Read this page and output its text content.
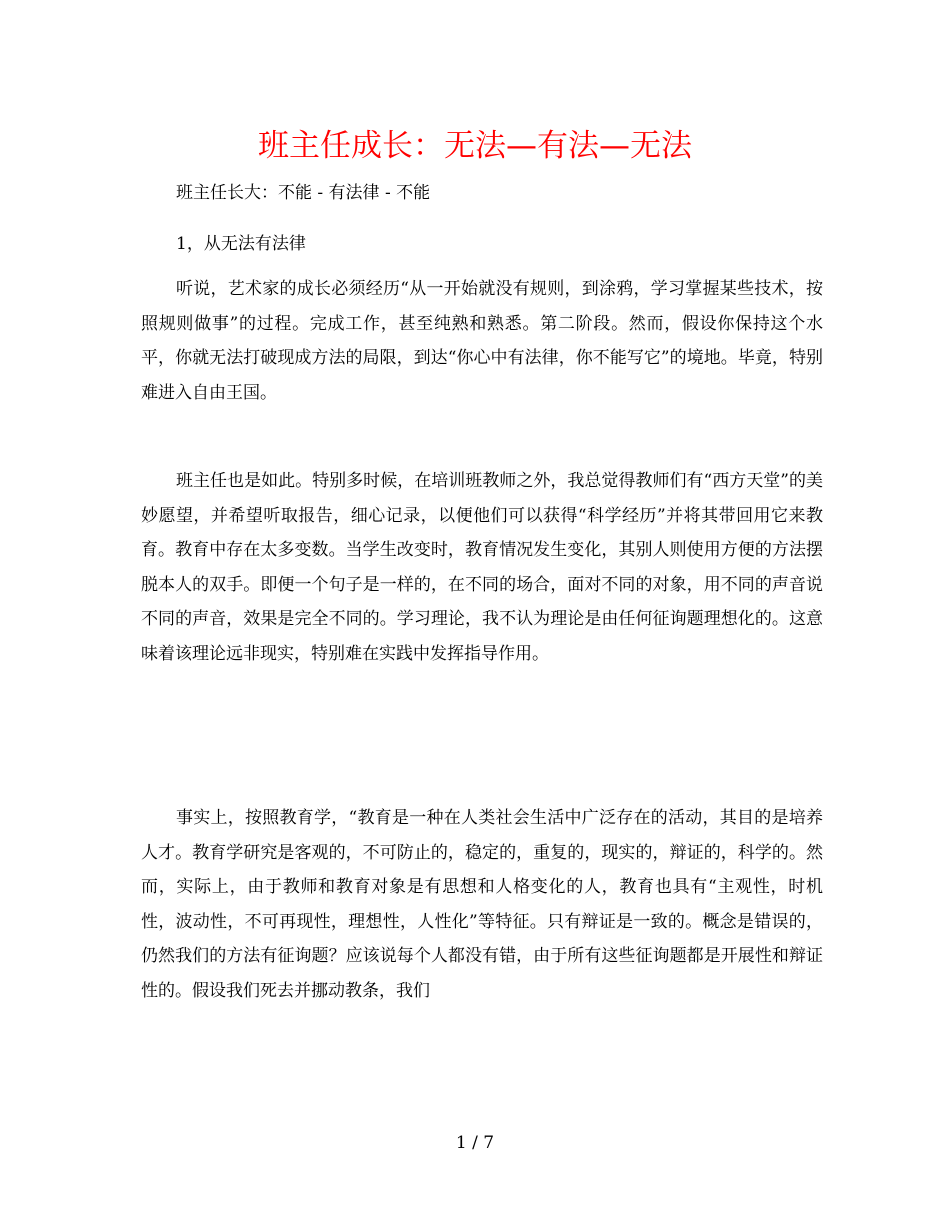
班主任成长：无法—有法—无法

班主任长大：不能 - 有法律 - 不能

1，从无法有法律

听说，艺术家的成长必须经历“从一开始就没有规则，到涂鸦，学习掌握某些技术，按照规则做事”的过程。完成工作，甚至纯熟和熟悉。第二阶段。然而，假设你保持这个水平，你就无法打破现成方法的局限，到达“你心中有法律，你不能写它”的境地。毕竟，特别难进入自由王国。

班主任也是如此。特别多时候，在培训班教师之外，我总觉得教师们有“西方天堂”的美妙愿望，并希望听取报告，细心记录，以便他们可以获得“科学经历”并将其带回用它来教育。教育中存在太多变数。当学生改变时，教育情况发生变化，其别人则使用方便的方法摆脱本人的双手。即便一个句子是一样的，在不同的场合，面对不同的对象，用不同的声音说不同的声音，效果是完全不同的。学习理论，我不认为理论是由任何征询题理想化的。这意味着该理论远非现实，特别难在实践中发挥指导作用。

事实上，按照教育学，“教育是一种在人类社会生活中广泛存在的活动，其目的是培养人才。教育学研究是客观的，不可防止的，稳定的，重复的，现实的，辩证的，科学的。然而，实际上，由于教师和教育对象是有思想和人格变化的人，教育也具有“主观性，时机性，波动性，不可再现性，理想性，人性化”等特征。只有辩证是一致的。概念是错误的，仍然我们的方法有征询题？应该说每个人都没有错，由于所有这些征询题都是开展性和辩证性的。假设我们死去并挪动教条，我们

1 / 7
